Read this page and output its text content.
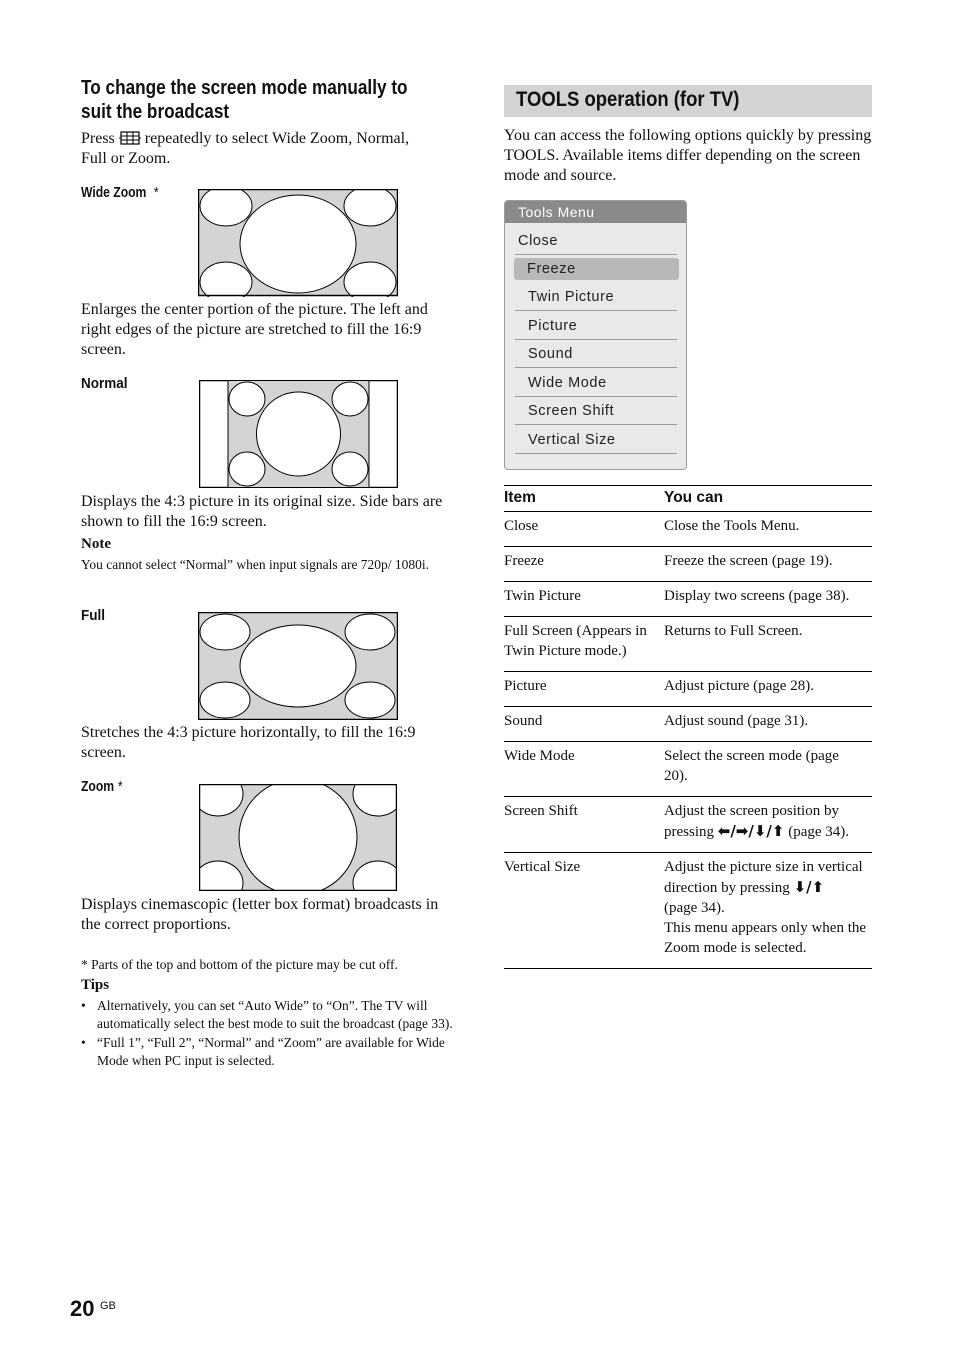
To change the screen mode manually to
suit the broadcast
Press repeatedly to select Wide Zoom, Normal,
Full or Zoom.
Wide Zoom *

Enlarges the center portion of the picture. The left and right edges of the picture are stretched to fill the 16:9 screen.

Normal

Displays the 4:3 picture in its original size. Side bars are shown to fill the 16:9 screen.

Note

You cannot select “Normal” when input signals are 720p/ 1080i.

Full

Stretches the 4:3 picture horizontally, to fill the 16:9 screen.

Zoom *

Displays cinemascopic (letter box format) broadcasts in the correct proportions.

* Parts of the top and bottom of the picture may be cut off.

Tips
• Alternatively, you can set “Auto Wide” to “On”. The TV will automatically select the best mode to suit the broadcast (page 33).
• “Full 1”, “Full 2”, “Normal” and “Zoom” are available for Wide Mode when PC input is selected.
TOOLS operation (for TV)

You can access the following options quickly by pressing TOOLS. Available items differ depending on the screen mode and source.

Tools Menu
Close
Freeze
Twin Picture
Picture
Sound
Wide Mode
Screen Shift
Vertical Size
Item	You can
Close	Close the Tools Menu.
Freeze	Freeze the screen (page 19).
Twin Picture	Display two screens (page 38).
Full Screen (Appears in Twin Picture mode.)	Returns to Full Screen.
Picture	Adjust picture (page 28).
Sound	Adjust sound (page 31).
Wide Mode	Select the screen mode (page 20).
Screen Shift	Adjust the screen position by pressing ⬅/➡/⬇/⬆ (page 34).
Vertical Size	Adjust the picture size in vertical direction by pressing ⬇/⬆
(page 34).
This menu appears only when the Zoom mode is selected.
20 GB
